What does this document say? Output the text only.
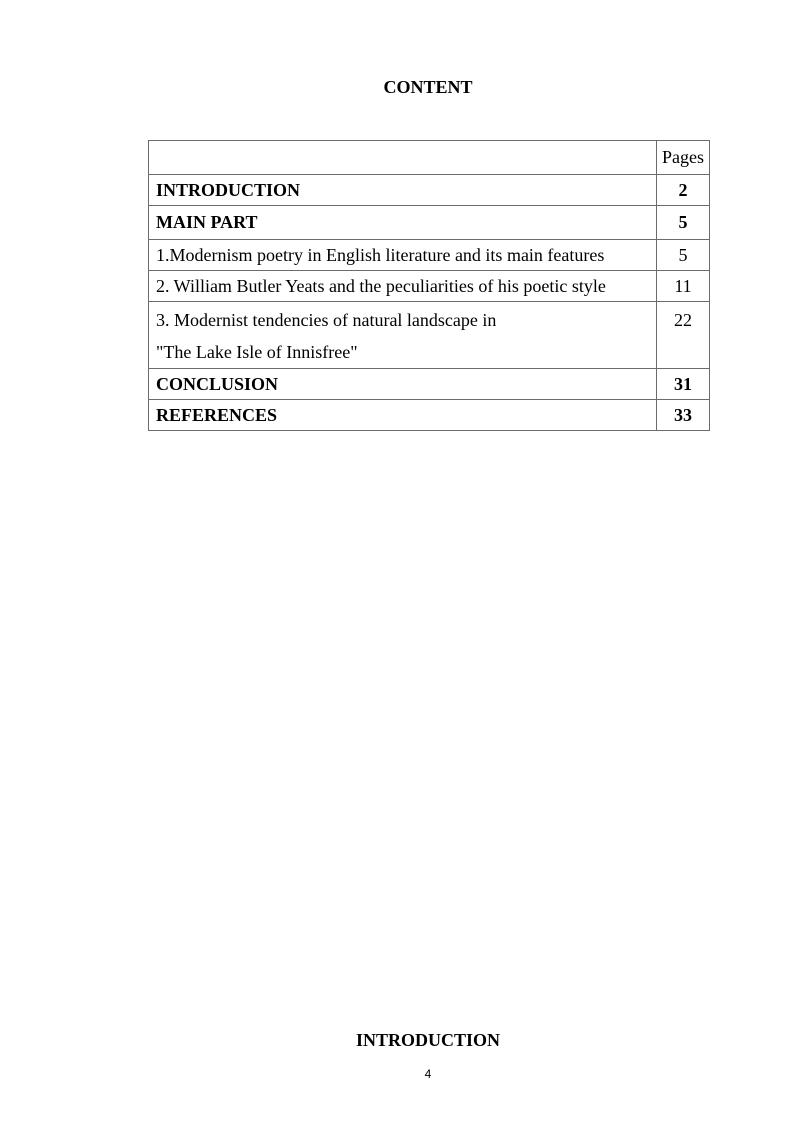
CONTENT
	Pages
INTRODUCTION	2
MAIN PART	5
1.Modernism poetry in English literature and its main features	5
2. William Butler Yeats and the peculiarities of his poetic style	11

3. Modernist tendencies of natural landscape in
"The Lake Isle of Innisfree"	22

CONCLUSION	31
REFERENCES	33
INTRODUCTION
4
